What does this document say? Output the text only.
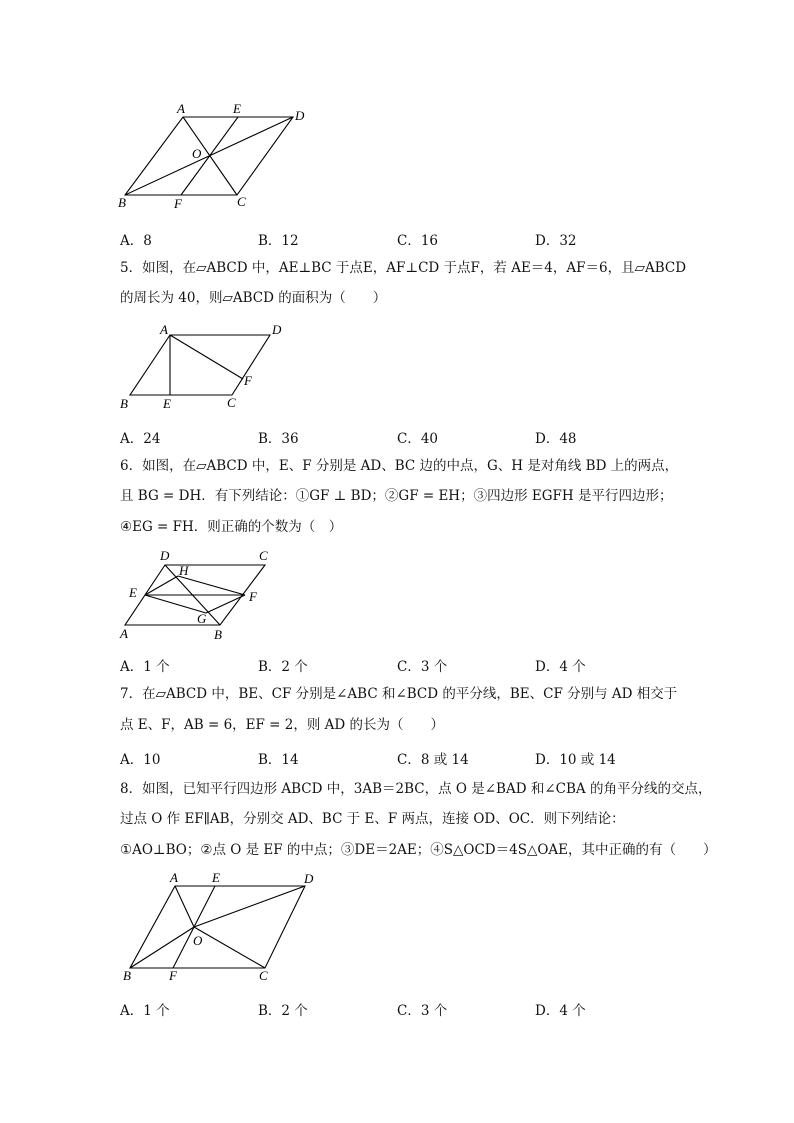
A	E	D
O
B	F	C
A．8	B．12	C．16	D．32
5．如图，在▱ABCD 中，AE⊥BC 于点E，AF⊥CD 于点F，若 AE＝4，AF＝6，且▱ABCD
的周长为 40，则▱ABCD 的面积为（　　）
A	D
F
B	E	C
A．24	B．36	C．40	D．48
6．如图，在▱ABCD 中，E、F 分别是 AD、BC 边的中点，G、H 是对角线 BD 上的两点，
且 BG = DH．有下列结论：①GF ⊥ BD；②GF = EH；③四边形 EGFH 是平行四边形；
④EG = FH．则正确的个数为（　）
D	C
H
E	F
G
A	B
A．1 个	B．2 个	C．3 个	D．4 个
7．在▱ABCD 中，BE、CF 分别是∠ABC 和∠BCD 的平分线，BE、CF 分别与 AD 相交于
点 E、F，AB = 6，EF = 2，则 AD 的长为（　　）
A．10	B．14	C．8 或 14	D．10 或 14
8．如图，已知平行四边形 ABCD 中，3AB＝2BC，点 O 是∠BAD 和∠CBA 的角平分线的交点，
过点 O 作 EF∥AB，分别交 AD、BC 于 E、F 两点，连接 OD、OC．则下列结论：
①AO⊥BO；②点 O 是 EF 的中点；③DE＝2AE；④S△OCD＝4S△OAE，其中正确的有（　　）
A	E	D
O
B	F	C
A．1 个	B．2 个	C．3 个	D．4 个
